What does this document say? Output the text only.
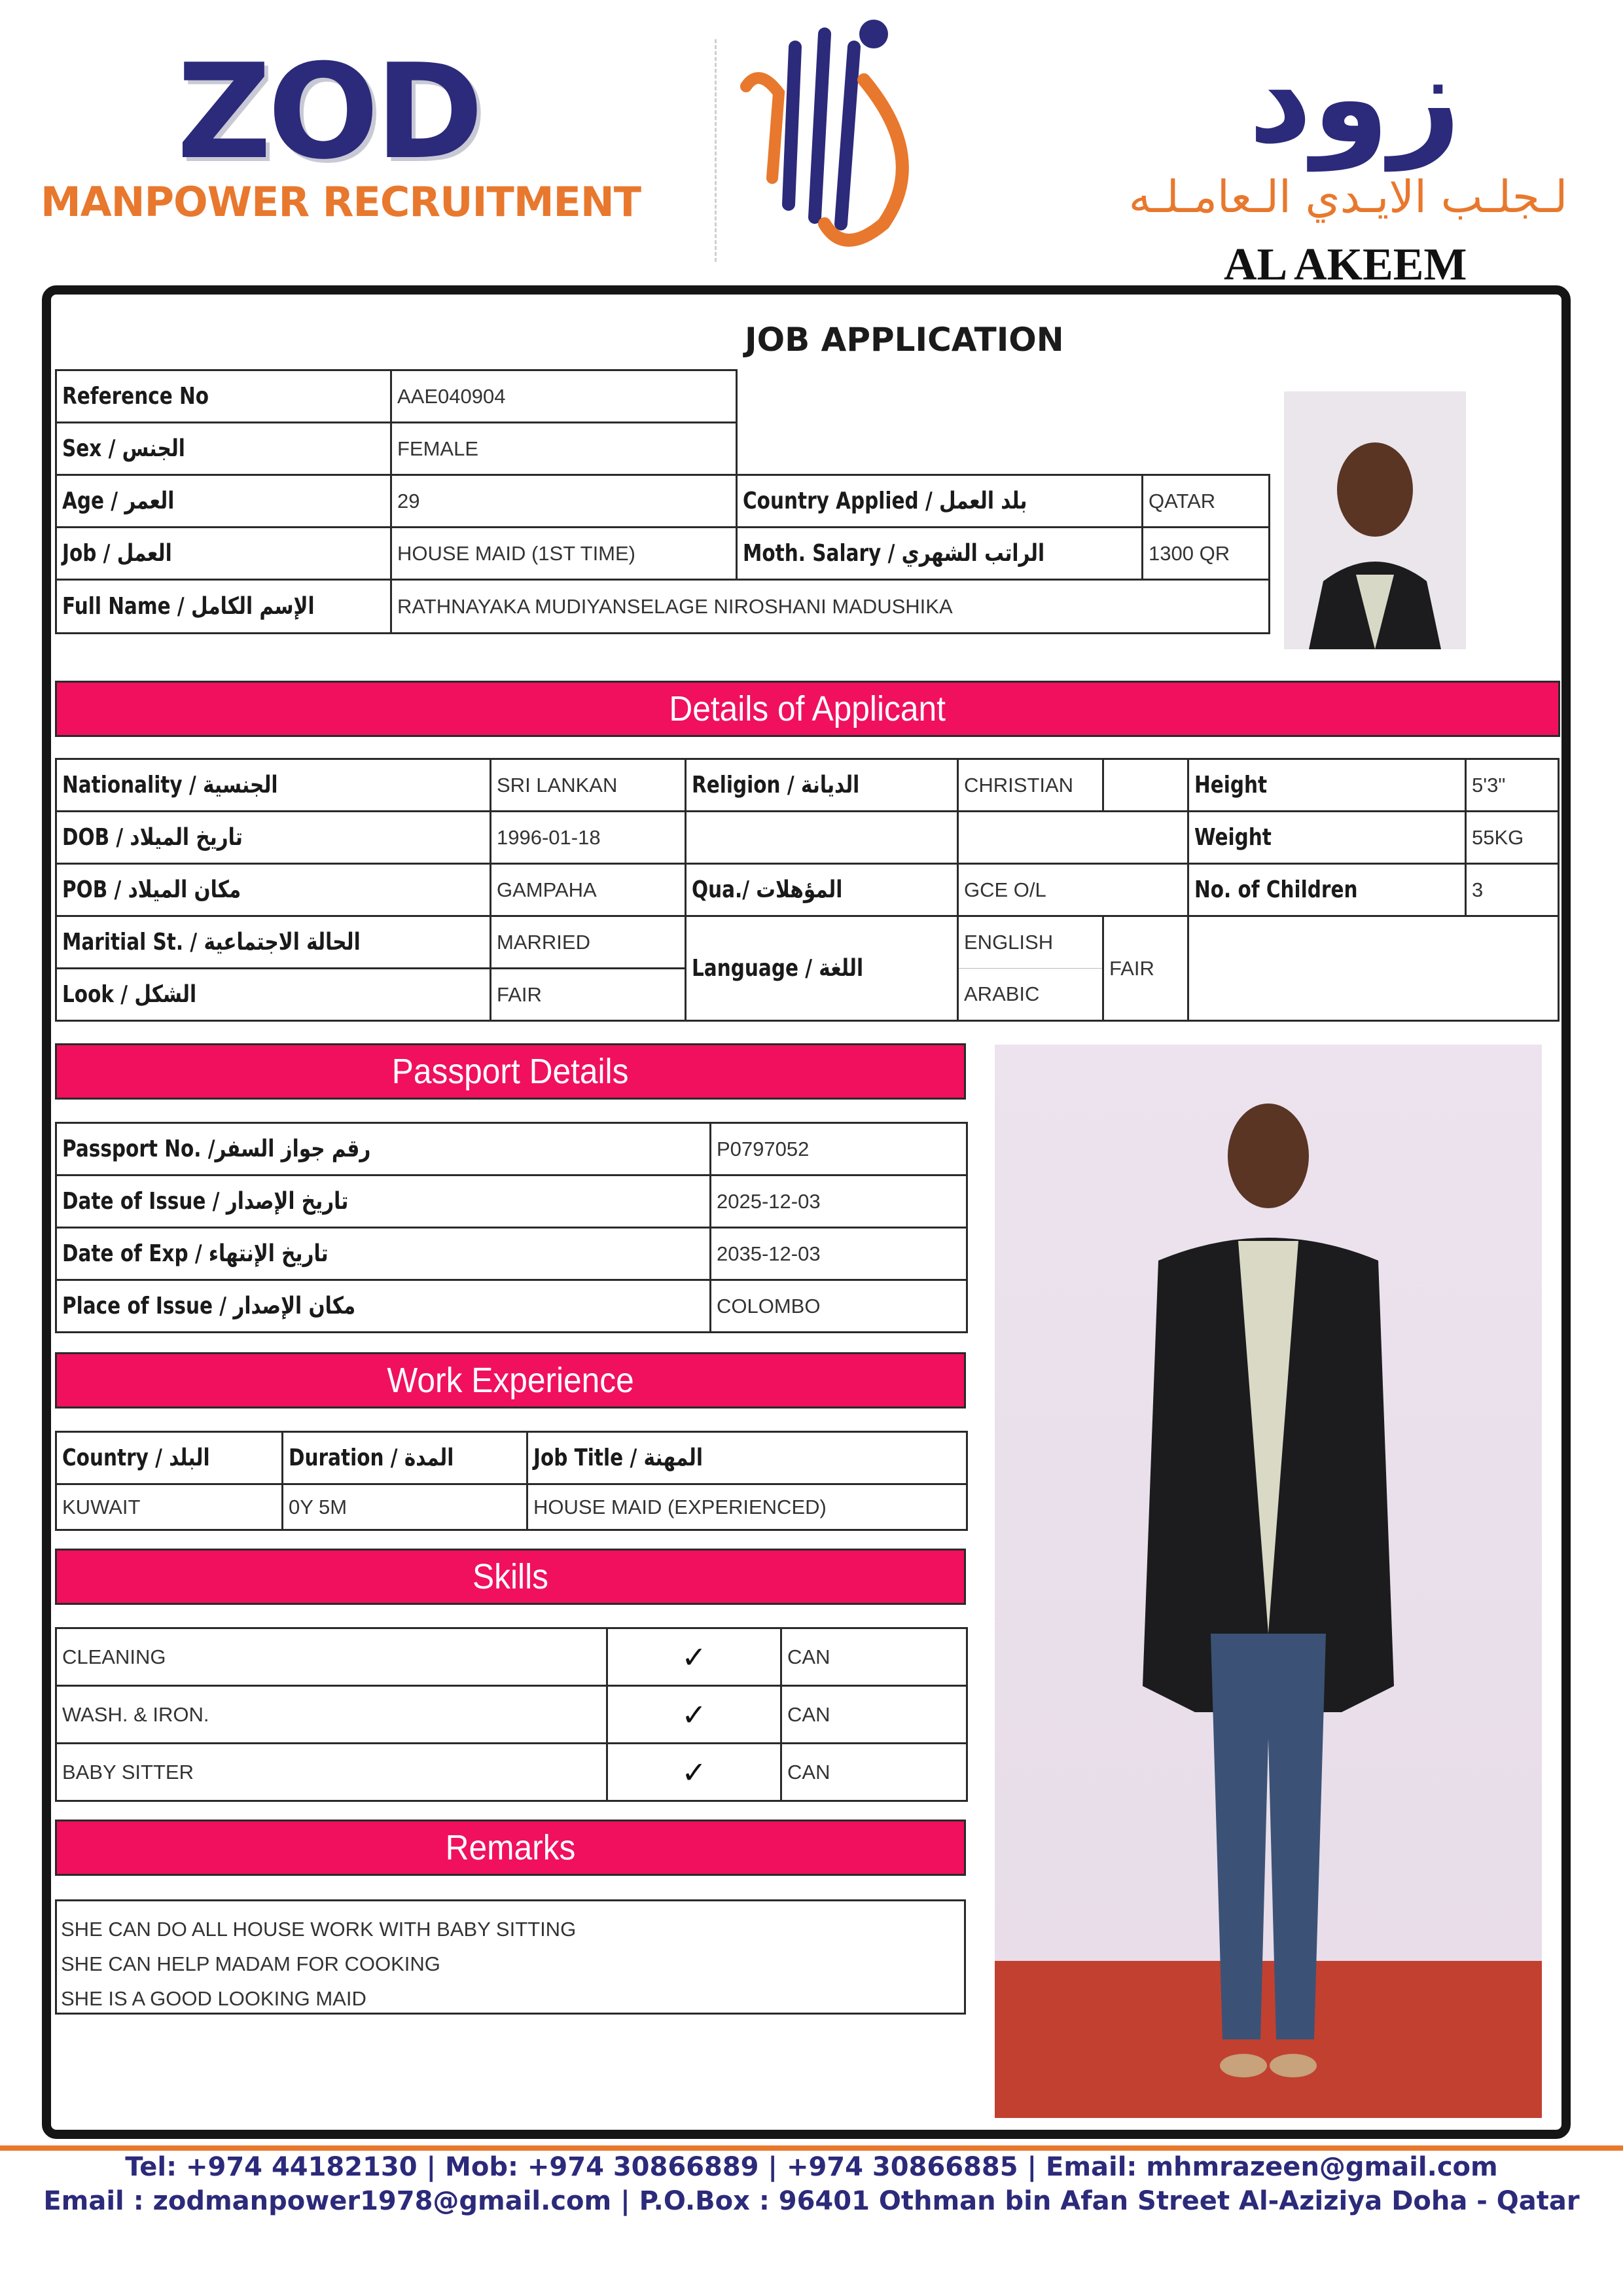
ZOD
MANPOWER RECRUITMENT
زود
لـجلـب الايـدي الـعامـلـه
AL AKEEM
JOB APPLICATION
Reference No	AAE040904
Sex / الجنس	FEMALE
Age / العمر	29	Country Applied / بلد العمل	QATAR
Job / العمل	HOUSE MAID (1ST TIME)	Moth. Salary / الراتب الشهري	1300 QR
Full Name / الإسم الكامل	RATHNAYAKA MUDIYANSELAGE NIROSHANI MADUSHIKA		
Details of Applicant
Nationality / الجنسية	SRI LANKAN	Religion / الديانة	CHRISTIAN		Height	5'3"
DOB / تاريخ الميلاد	1996-01-18				Weight	55KG
POB / مكان الميلاد	GAMPAHA	Qua./ المؤهلات	GCE O/L		No. of Children	3
Maritial St. / الحالة الاجتماعية	MARRIED	Language / اللغة	ENGLISH	FAIR		
Look / الشكل	FAIR		ARABIC			
Passport Details
Passport No. /رقم جواز السفر	P0797052
Date of Issue / تاريخ الإصدار	2025-12-03
Date of Exp / تاريخ الإنتهاء	2035-12-03
Place of Issue / مكان الإصدار	COLOMBO
Work Experience
Country / البلد	Duration / المدة	Job Title / المهنة
KUWAIT	0Y 5M	HOUSE MAID (EXPERIENCED)
Skills
CLEANING	✓	CAN
WASH. & IRON.	✓	CAN
BABY SITTER	✓	CAN
Remarks
SHE CAN DO ALL HOUSE WORK WITH BABY SITTING
SHE CAN HELP MADAM FOR COOKING
SHE IS A GOOD LOOKING MAID
Tel: +974 44182130 | Mob: +974 30866889 | +974 30866885 | Email: mhmrazeen@gmail.com
Email : zodmanpower1978@gmail.com | P.O.Box : 96401 Othman bin Afan Street Al-Aziziya Doha - Qatar
